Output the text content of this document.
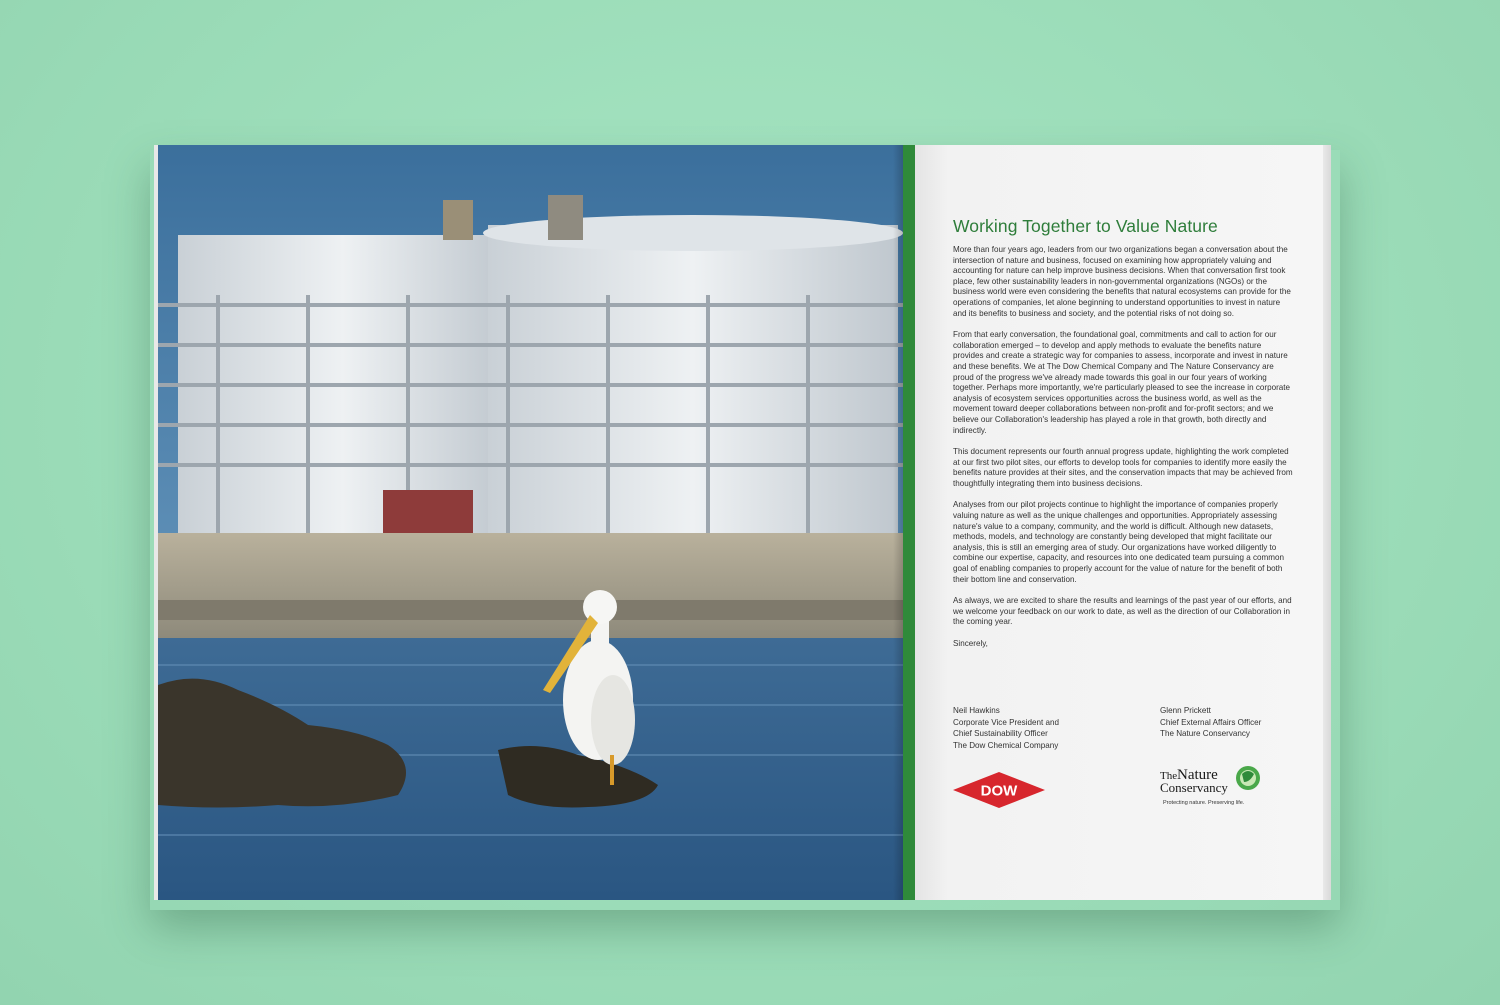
Working Together to Value Nature

More than four years ago, leaders from our two organizations began a conversation about the intersection of nature and business, focused on examining how appropriately valuing and accounting for nature can help improve business decisions. When that conversation first took place, few other sustainability leaders in non-governmental organizations (NGOs) or the business world were even considering the benefits that natural ecosystems can provide for the operations of companies, let alone beginning to understand opportunities to invest in nature and its benefits to business and society, and the potential risks of not doing so.

From that early conversation, the foundational goal, commitments and call to action for our collaboration emerged – to develop and apply methods to evaluate the benefits nature provides and create a strategic way for companies to assess, incorporate and invest in nature and these benefits. We at The Dow Chemical Company and The Nature Conservancy are proud of the progress we've already made towards this goal in our four years of working together. Perhaps more importantly, we're particularly pleased to see the increase in corporate analysis of ecosystem services opportunities across the business world, as well as the movement toward deeper collaborations between non-profit and for-profit sectors; and we believe our Collaboration's leadership has played a role in that growth, both directly and indirectly.

This document represents our fourth annual progress update, highlighting the work completed at our first two pilot sites, our efforts to develop tools for companies to identify more easily the benefits nature provides at their sites, and the conservation impacts that may be achieved from thoughtfully integrating them into business decisions.

Analyses from our pilot projects continue to highlight the importance of companies properly valuing nature as well as the unique challenges and opportunities. Appropriately assessing nature's value to a company, community, and the world is difficult. Although new datasets, methods, models, and technology are constantly being developed that might facilitate our analysis, this is still an emerging area of study. Our organizations have worked diligently to combine our expertise, capacity, and resources into one dedicated team pursuing a common goal of enabling companies to properly account for the value of nature for the benefit of both their bottom line and conservation.

As always, we are excited to share the results and learnings of the past year of our efforts, and we welcome your feedback on our work to date, as well as the direction of our Collaboration in the coming year.

Sincerely,

Neil Hawkins
Corporate Vice President and
Chief Sustainability Officer
The Dow Chemical Company
Glenn Prickett
Chief External Affairs Officer
The Nature Conservancy
DOW
The Nature
Conservancy
Protecting nature. Preserving life.
